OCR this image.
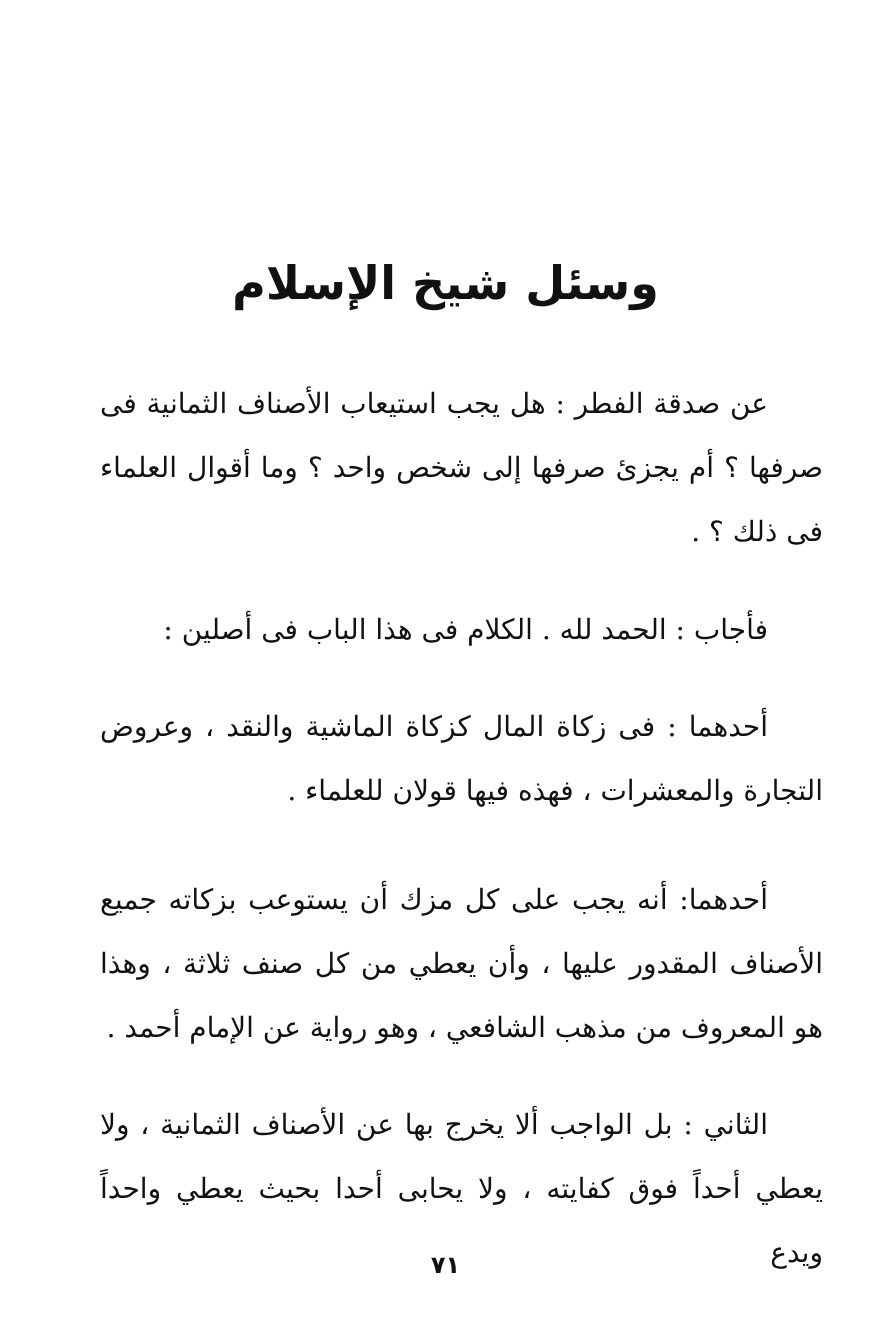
وسئل شيخ الإسلام

عن صدقة الفطر : هل يجب استيعاب الأصناف الثمانية فى صرفها ؟ أم يجزئ صرفها إلى شخص واحد ؟ وما أقوال العلماء فى ذلك ؟ .

فأجاب : الحمد لله . الكلام فى هذا الباب فى أصلين :

أحدهما : فى زكاة المال كزكاة الماشية والنقد ، وعروض التجارة والمعشرات ، فهذه فيها قولان للعلماء .

أحدهما: أنه يجب على كل مزك أن يستوعب بزكاته جميع الأصناف المقدور عليها ، وأن يعطي من كل صنف ثلاثة ، وهذا هو المعروف من مذهب الشافعي ، وهو رواية عن الإمام أحمد .

الثاني : بل الواجب ألا يخرج بها عن الأصناف الثمانية ، ولا يعطي أحداً فوق كفايته ، ولا يحابى أحدا بحيث يعطي واحداً ويدع

٧١
